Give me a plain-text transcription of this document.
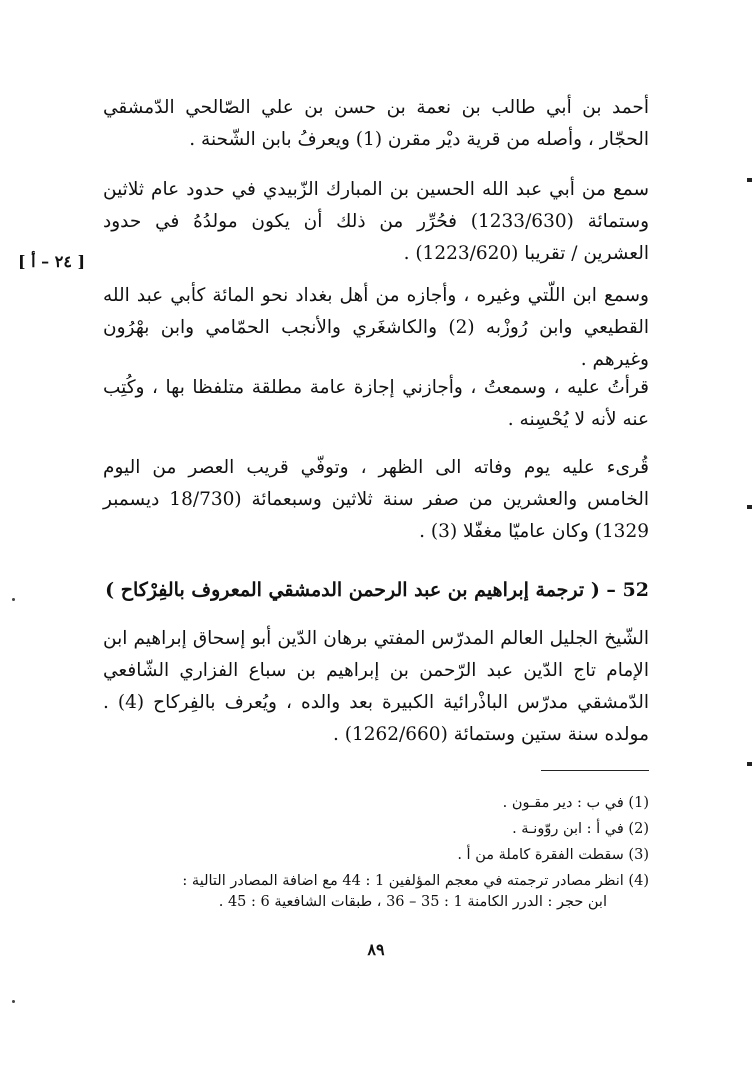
أحمد بن أبي طالب بن نعمة بن حسن بن علي الصّالحي الدّمشقي الحجّار ، وأصله من قرية ديْر مقرن (1) ويعرفُ بابن الشّحنة .

سمع من أبي عبد الله الحسين بن المبارك الزّبيدي في حدود عام ثلاثين وستمائة (1233/630) فحُرِّر من ذلك أن يكون مولدُهُ في حدود العشرين / تقريبا (1223/620) .

[ ٢٤ – أ ]

وسمع ابن اللّتي وغيره ، وأجازه من أهل بغداد نحو المائة كأبي عبد الله القطيعي وابن رُوزْبه (2) والكاشغَري والأنجب الحمّامي وابن بهْرُون وغيرهم .

قرأتُ عليه ، وسمعتُ ، وأجازني إجازة عامة مطلقة متلفظا بها ، وكُتِب عنه لأنه لا يُحْسِنه .

قُرىء عليه يوم وفاته الى الظهر ، وتوفّي قريب العصر من اليوم الخامس والعشرين من صفر سنة ثلاثين وسبعمائة (18/730 ديسمبر 1329) وكان عاميّا مغفّلا (3) .

52 – ( ترجمة إبراهيم بن عبد الرحمن الدمشقي المعروف بالفِرْكاح )

الشّيخ الجليل العالم المدرّس المفتي برهان الدّين أبو إسحاق إبراهيم ابن الإمام تاج الدّين عبد الرّحمن بن إبراهيم بن سباع الفزاري الشّافعي الدّمشقي مدرّس الباذْرائية الكبيرة بعد والده ، ويُعرف بالفِركاح (4) . مولده سنة ستين وستمائة (1262/660) .

(1) في ب : دير مقـون .
(2) في أ : ابن روّونـة .
(3) سقطت الفقرة كاملة من أ .
(4) انظر مصادر ترجمته في معجم المؤلفين 1 : 44 مع اضافة المصادر التالية :
ابن حجر : الدرر الكامنة 1 : 35 – 36 ، طبقات الشافعية 6 : 45 .
٨٩
